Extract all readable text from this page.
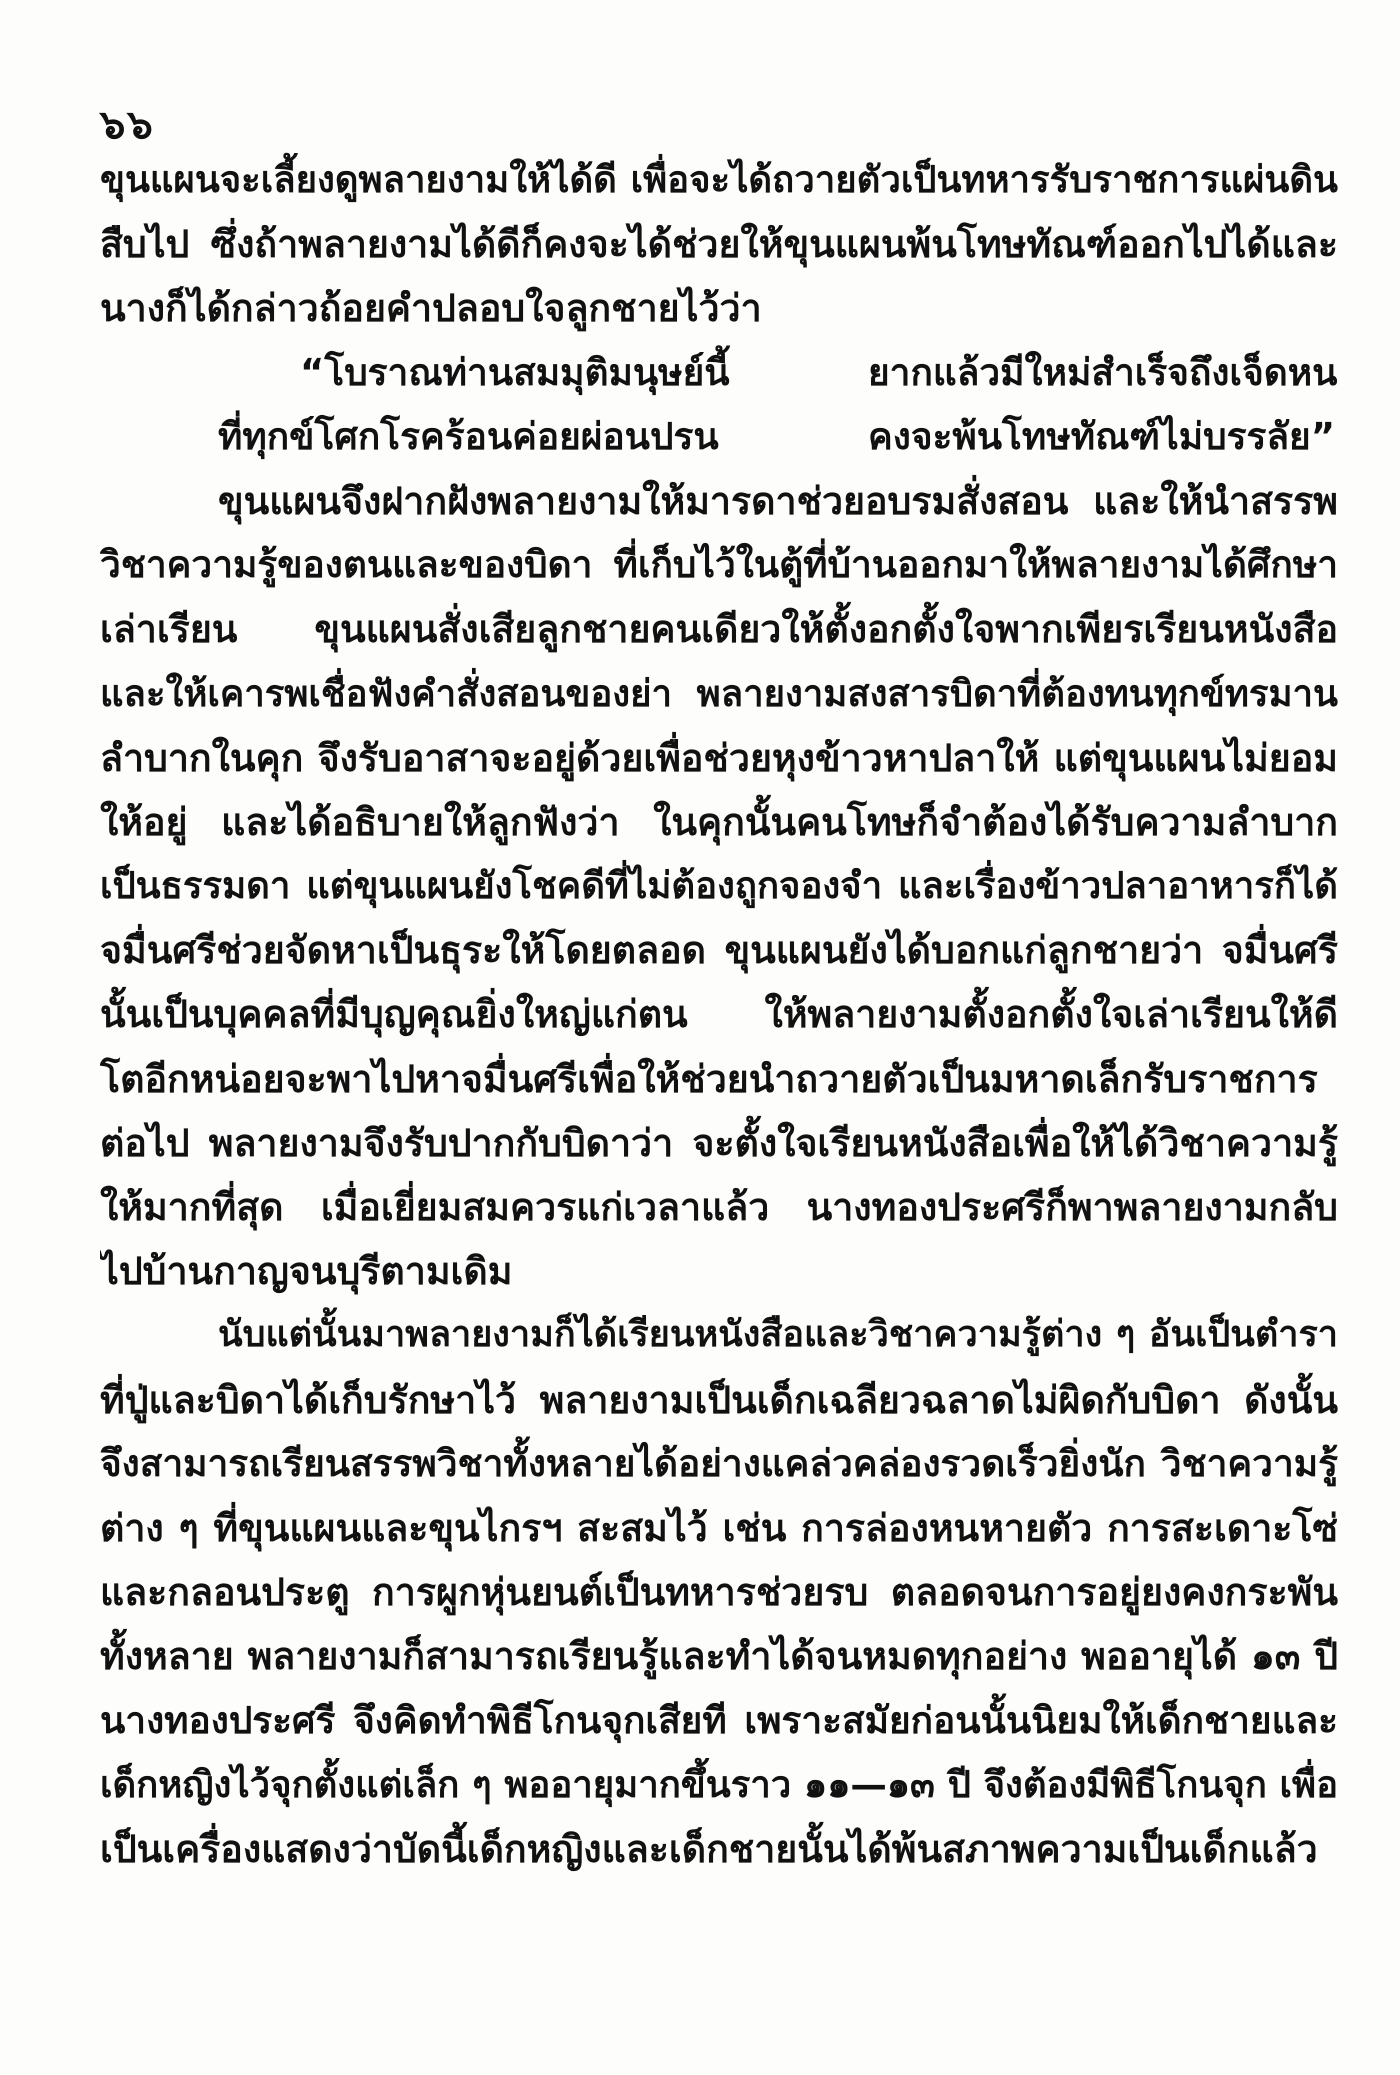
๖๖
ขุนแผนจะเลี้ยงดูพลายงามให้ได้ดี เพื่อจะได้ถวายตัวเป็นทหารรับราชการแผ่นดิน
สืบไป ซึ่งถ้าพลายงามได้ดีก็คงจะได้ช่วยให้ขุนแผนพ้นโทษทัณฑ์ออกไปได้และ
นางก็ได้กล่าวถ้อยคำปลอบใจลูกชายไว้ว่า
“โบราณท่านสมมุติมนุษย์นี้	ยากแล้วมีใหม่สำเร็จถึงเจ็ดหน
ที่ทุกข์โศกโรคร้อนค่อยผ่อนปรน	คงจะพ้นโทษทัณฑ์ไม่บรรลัย”
ขุนแผนจึงฝากฝังพลายงามให้มารดาช่วยอบรมสั่งสอน และให้นำสรรพ
วิชาความรู้ของตนและของบิดา ที่เก็บไว้ในตู้ที่บ้านออกมาให้พลายงามได้ศึกษา
เล่าเรียน ขุนแผนสั่งเสียลูกชายคนเดียวให้ตั้งอกตั้งใจพากเพียรเรียนหนังสือ
และให้เคารพเชื่อฟังคำสั่งสอนของย่า พลายงามสงสารบิดาที่ต้องทนทุกข์ทรมาน
ลำบากในคุก จึงรับอาสาจะอยู่ด้วยเพื่อช่วยหุงข้าวหาปลาให้ แต่ขุนแผนไม่ยอม
ให้อยู่ และได้อธิบายให้ลูกฟังว่า ในคุกนั้นคนโทษก็จำต้องได้รับความลำบาก
เป็นธรรมดา แต่ขุนแผนยังโชคดีที่ไม่ต้องถูกจองจำ และเรื่องข้าวปลาอาหารก็ได้
จมื่นศรีช่วยจัดหาเป็นธุระให้โดยตลอด ขุนแผนยังได้บอกแก่ลูกชายว่า จมื่นศรี
นั้นเป็นบุคคลที่มีบุญคุณยิ่งใหญ่แก่ตน ให้พลายงามตั้งอกตั้งใจเล่าเรียนให้ดี
โตอีกหน่อยจะพาไปหาจมื่นศรีเพื่อให้ช่วยนำถวายตัวเป็นมหาดเล็กรับราชการ
ต่อไป พลายงามจึงรับปากกับบิดาว่า จะตั้งใจเรียนหนังสือเพื่อให้ได้วิชาความรู้
ให้มากที่สุด เมื่อเยี่ยมสมควรแก่เวลาแล้ว นางทองประศรีก็พาพลายงามกลับ
ไปบ้านกาญจนบุรีตามเดิม
นับแต่นั้นมาพลายงามก็ได้เรียนหนังสือและวิชาความรู้ต่าง ๆ อันเป็นตำรา
ที่ปู่และบิดาได้เก็บรักษาไว้ พลายงามเป็นเด็กเฉลียวฉลาดไม่ผิดกับบิดา ดังนั้น
จึงสามารถเรียนสรรพวิชาทั้งหลายได้อย่างแคล่วคล่องรวดเร็วยิ่งนัก วิชาความรู้
ต่าง ๆ ที่ขุนแผนและขุนไกรฯ สะสมไว้ เช่น การล่องหนหายตัว การสะเดาะโซ่
และกลอนประตู การผูกหุ่นยนต์เป็นทหารช่วยรบ ตลอดจนการอยู่ยงคงกระพัน
ทั้งหลาย พลายงามก็สามารถเรียนรู้และทำได้จนหมดทุกอย่าง พออายุได้ ๑๓ ปี
นางทองประศรี จึงคิดทำพิธีโกนจุกเสียที เพราะสมัยก่อนนั้นนิยมให้เด็กชายและ
เด็กหญิงไว้จุกตั้งแต่เล็ก ๆ พออายุมากขึ้นราว ๑๑—๑๓ ปี จึงต้องมีพิธีโกนจุก เพื่อ
เป็นเครื่องแสดงว่าบัดนี้เด็กหญิงและเด็กชายนั้นได้พ้นสภาพความเป็นเด็กแล้ว
